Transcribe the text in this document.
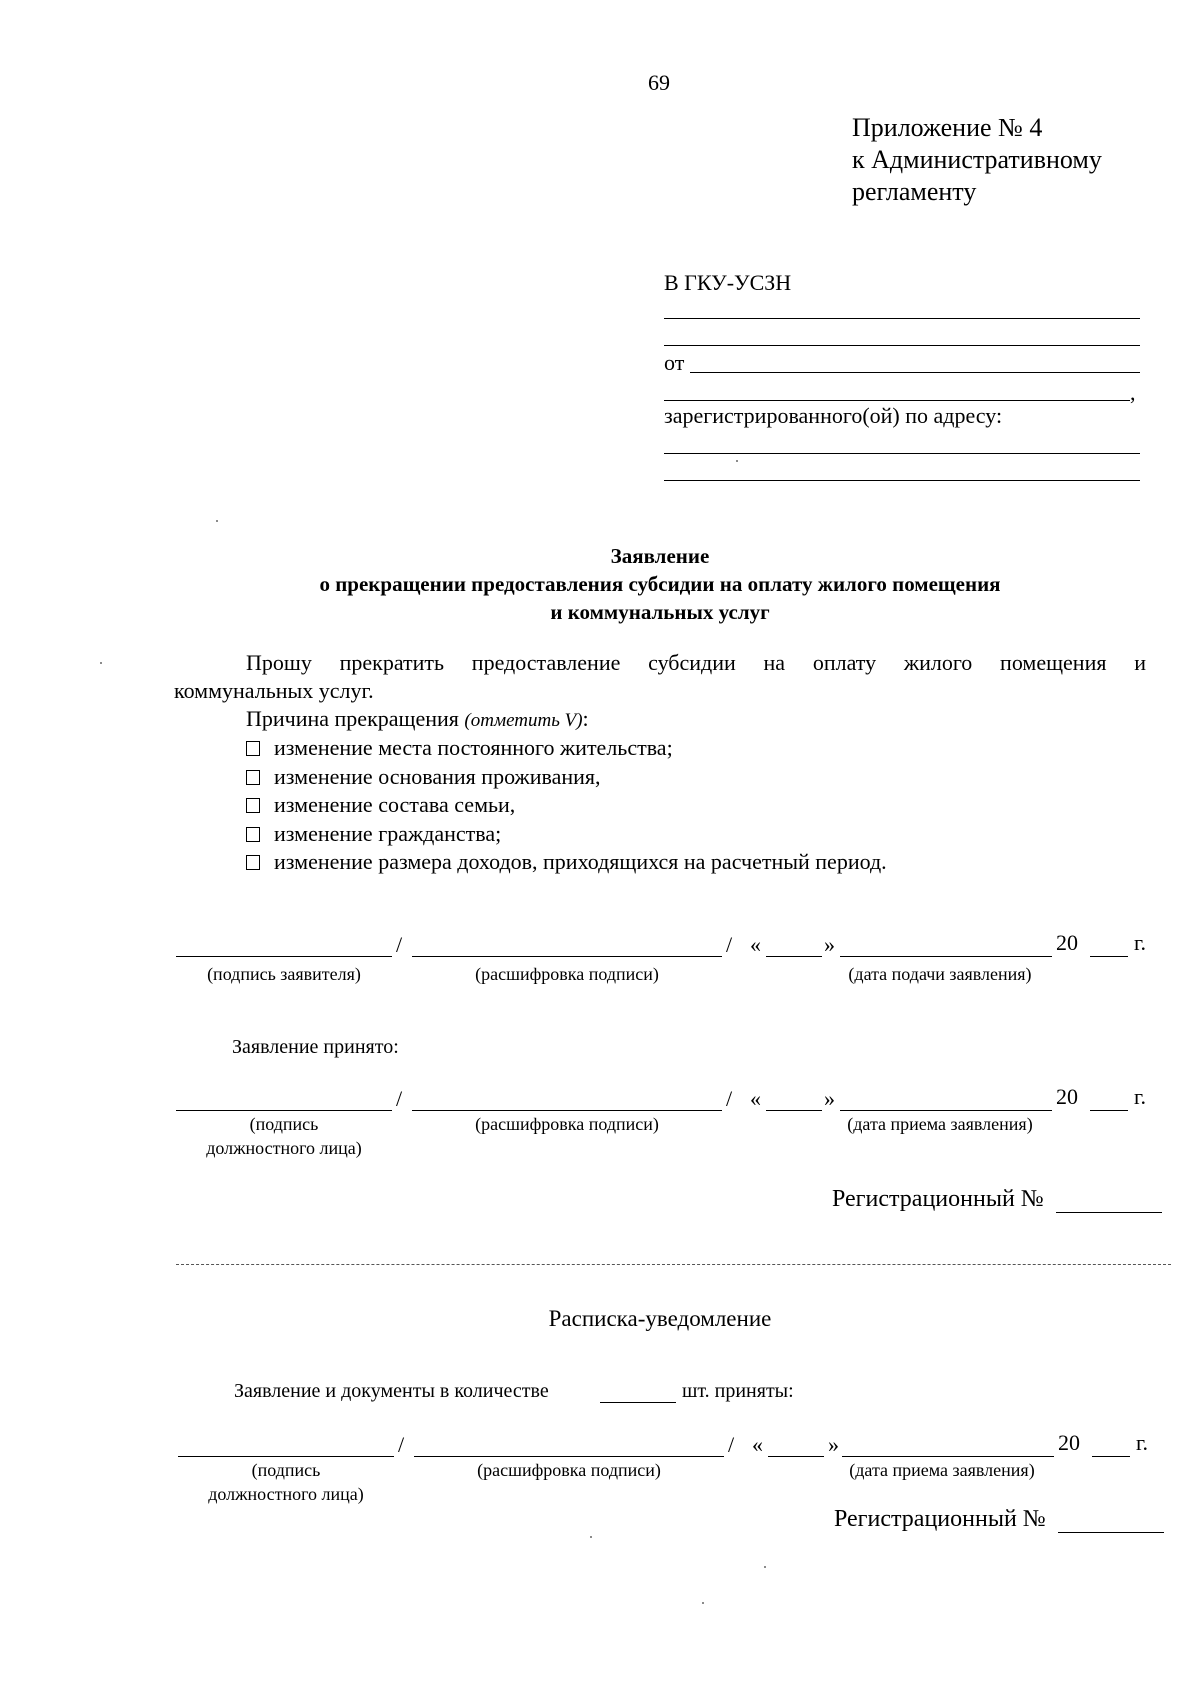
69
Приложение № 4
к Административному
регламенту
В ГКУ-УСЗН
от
,
зарегистрированного(ой) по адресу:
Заявление
о прекращении предоставления субсидии на оплату жилого помещения
и коммунальных услуг
Прошу прекратить предоставление субсидии на оплату жилого помещения и
коммунальных услуг.
Причина прекращения (отметить V):
изменение места постоянного жительства;
изменение основания проживания,
изменение состава семьи,
изменение гражданства;
изменение размера доходов, приходящихся на расчетный период.
/	/ «	»	20	г.
(подпись заявителя)	(расшифровка подписи)	(дата подачи заявления)
Заявление принято:
/	/ «	»	20	г.
(подпись
должностного лица)
(расшифровка подписи)	(дата приема заявления)
Регистрационный №
Расписка-уведомление
Заявление и документы в количестве	шт. приняты:
/	/ «	»	20	г.
(подпись
должностного лица)
(расшифровка подписи)	(дата приема заявления)
Регистрационный №
